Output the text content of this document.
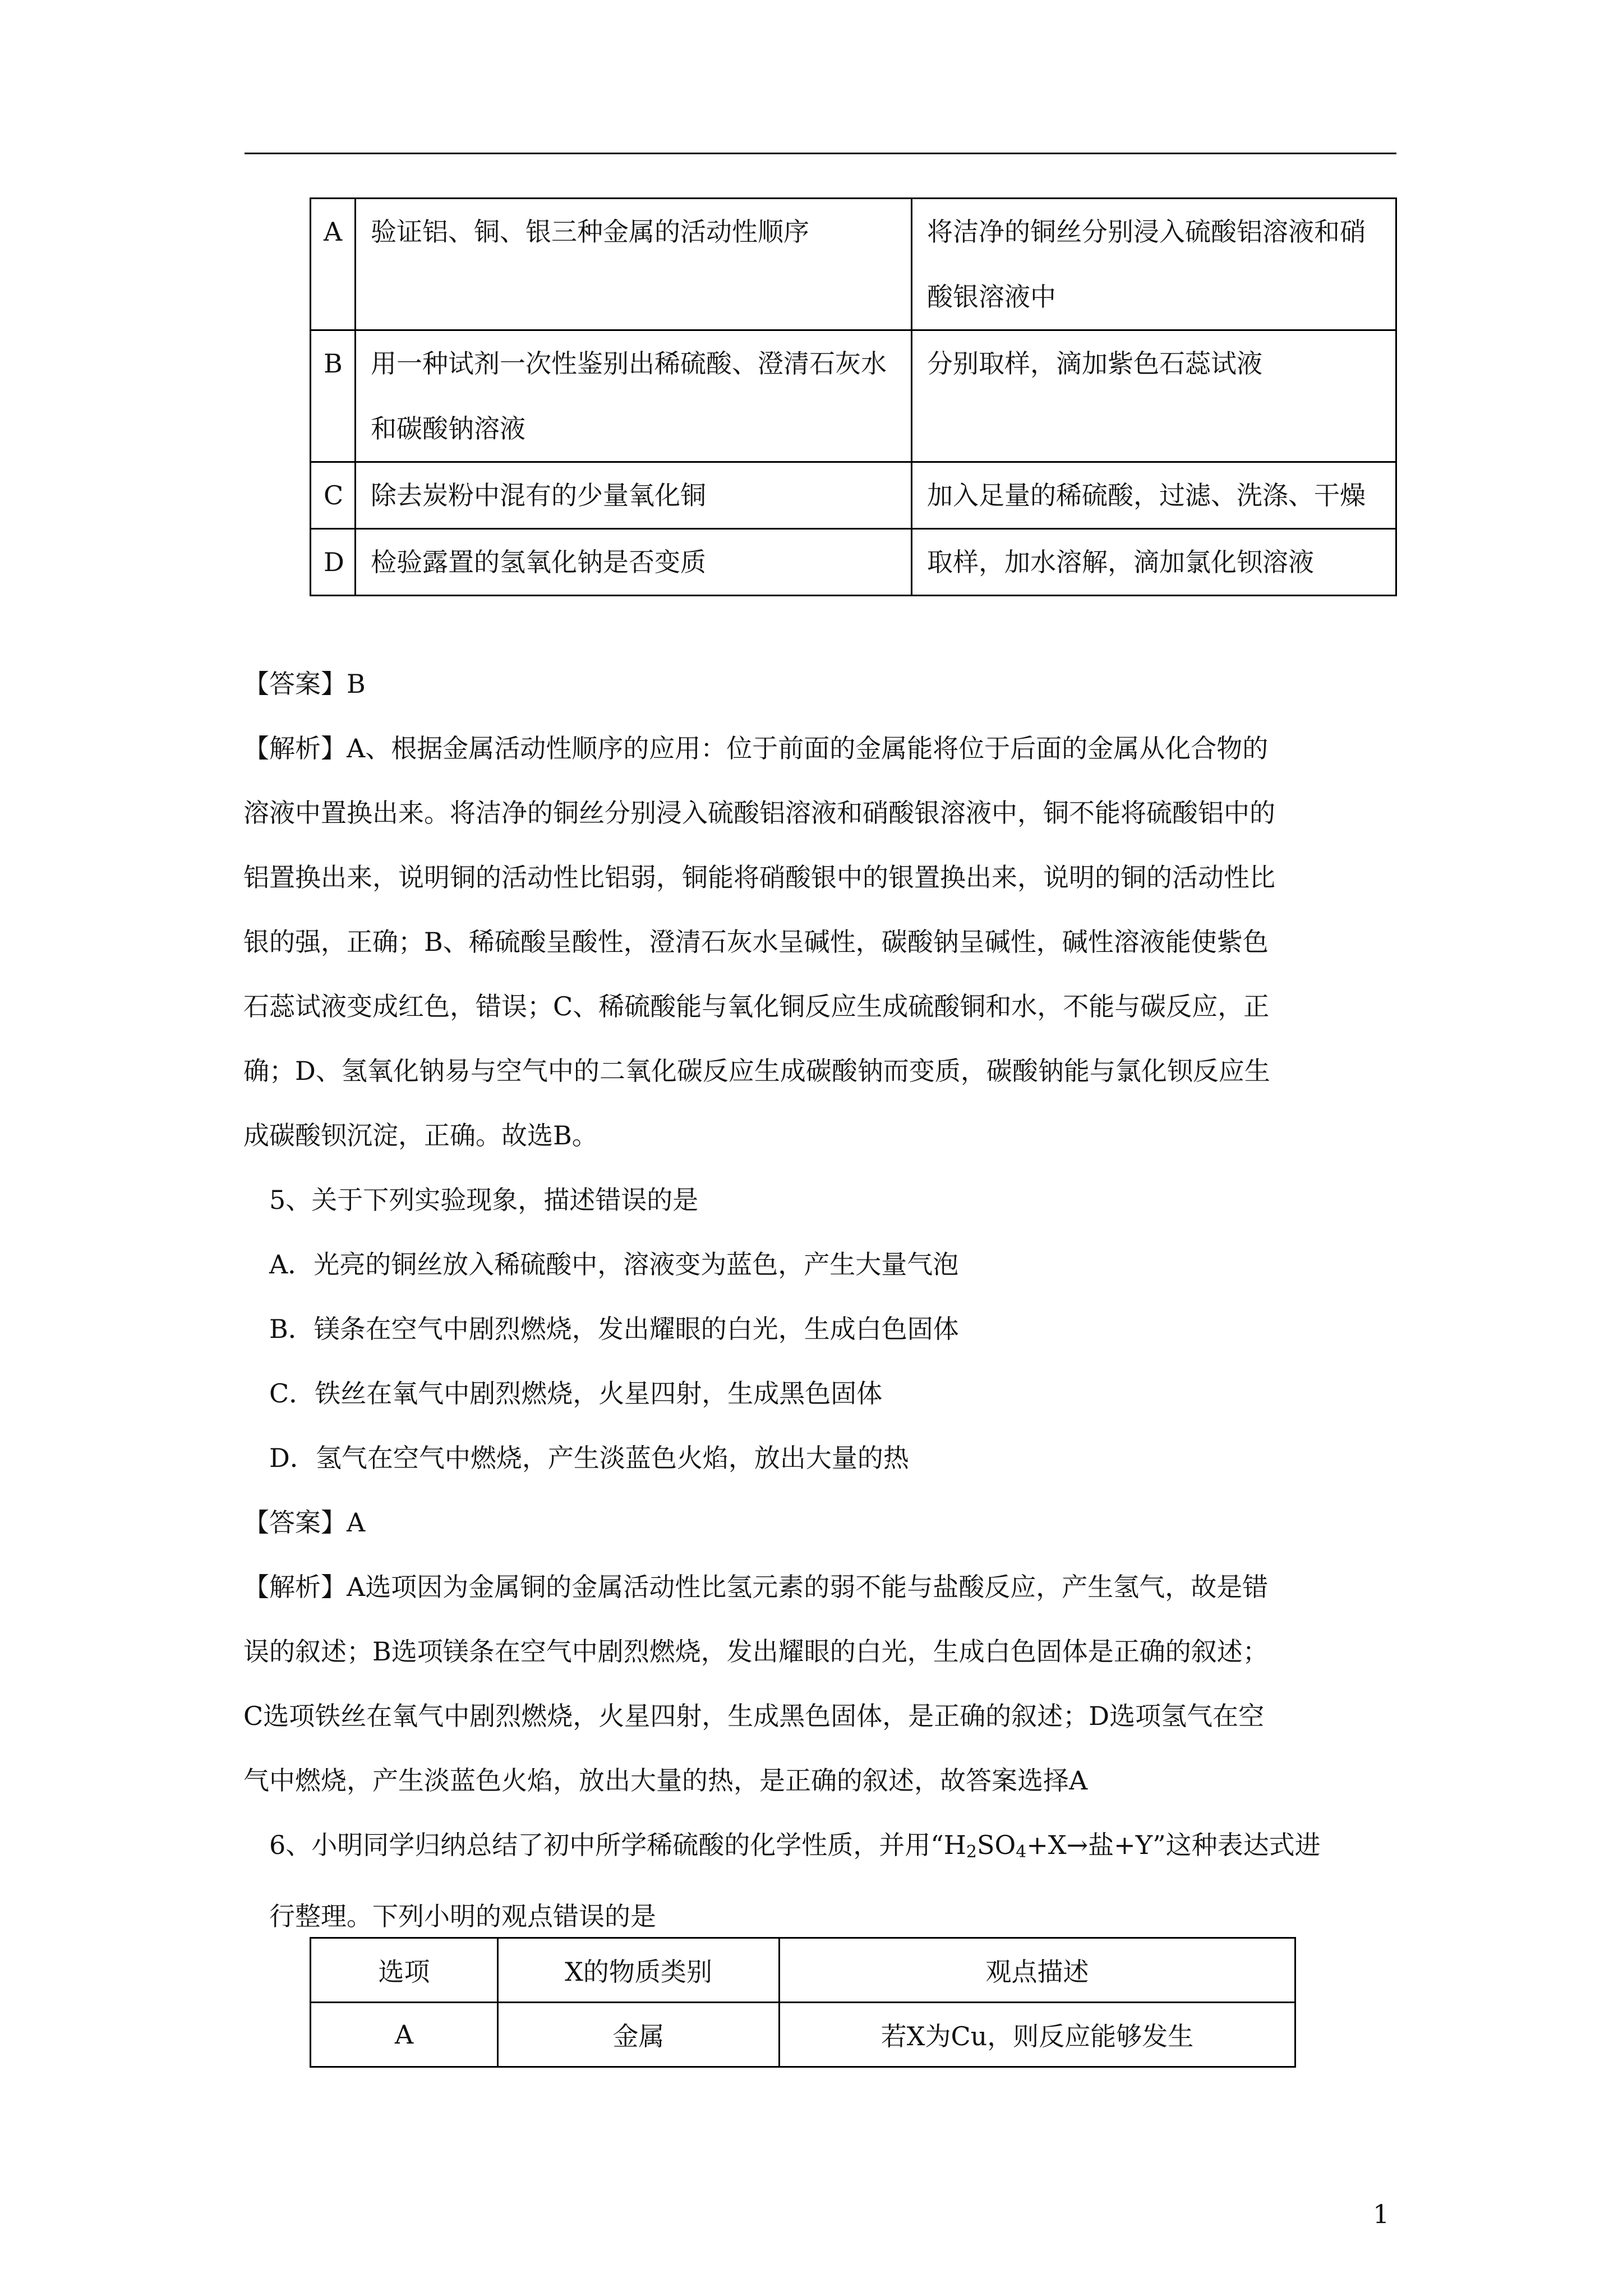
A	验证铝、铜、银三种金属的活动性顺序	将洁净的铜丝分别浸入硫酸铝溶液和硝酸银溶液中
B	用一种试剂一次性鉴别出稀硫酸、澄清石灰水和碳酸钠溶液	分别取样，滴加紫色石蕊试液
C	除去炭粉中混有的少量氧化铜	加入足量的稀硫酸，过滤、洗涤、干燥
D	检验露置的氢氧化钠是否变质	取样，加水溶解，滴加氯化钡溶液

【答案】B

【解析】A、根据金属活动性顺序的应用：位于前面的金属能将位于后面的金属从化合物的
溶液中置换出来。将洁净的铜丝分别浸入硫酸铝溶液和硝酸银溶液中，铜不能将硫酸铝中的
铝置换出来，说明铜的活动性比铝弱，铜能将硝酸银中的银置换出来，说明的铜的活动性比
银的强，正确；B、稀硫酸呈酸性，澄清石灰水呈碱性，碳酸钠呈碱性，碱性溶液能使紫色
石蕊试液变成红色，错误；C、稀硫酸能与氧化铜反应生成硫酸铜和水，不能与碳反应，正
确；D、氢氧化钠易与空气中的二氧化碳反应生成碳酸钠而变质，碳酸钠能与氯化钡反应生
成碳酸钡沉淀，正确。故选B。

5、关于下列实验现象，描述错误的是

A．光亮的铜丝放入稀硫酸中，溶液变为蓝色，产生大量气泡
B．镁条在空气中剧烈燃烧，发出耀眼的白光，生成白色固体
C．铁丝在氧气中剧烈燃烧，火星四射，生成黑色固体
D．氢气在空气中燃烧，产生淡蓝色火焰，放出大量的热

【答案】A

【解析】A选项因为金属铜的金属活动性比氢元素的弱不能与盐酸反应，产生氢气，故是错
误的叙述；B选项镁条在空气中剧烈燃烧，发出耀眼的白光，生成白色固体是正确的叙述；
C选项铁丝在氧气中剧烈燃烧，火星四射，生成黑色固体，是正确的叙述；D选项氢气在空
气中燃烧，产生淡蓝色火焰，放出大量的热，是正确的叙述，故答案选择A

6、小明同学归纳总结了初中所学稀硫酸的化学性质，并用“$H_2SO_4+X\to$盐+Y”这种表达式进
行整理。下列小明的观点错误的是

选项	X的物质类别	观点描述
A	金属	若X为Cu，则反应能够发生
1
